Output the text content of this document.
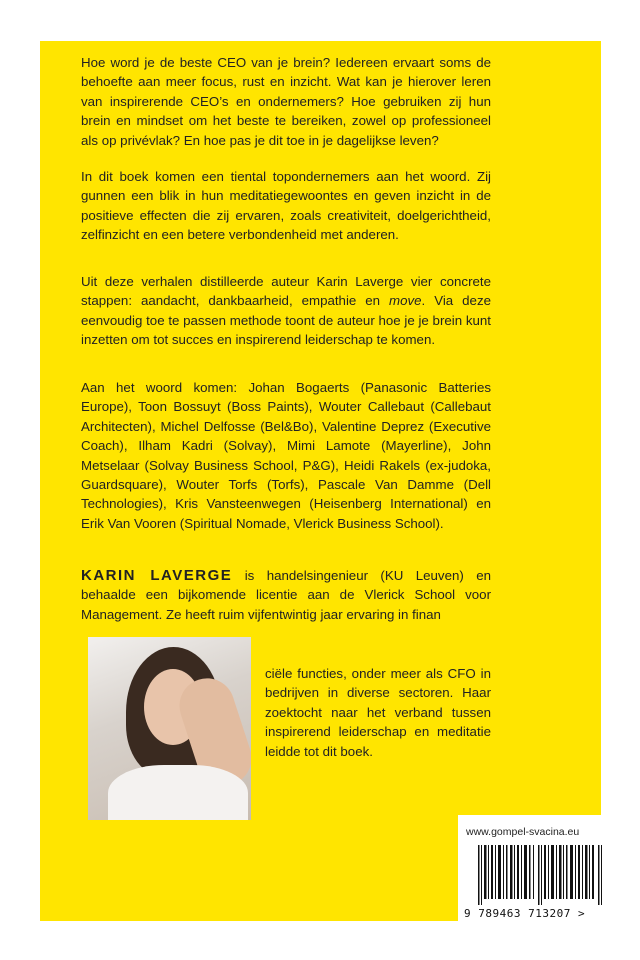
Hoe word je de beste CEO van je brein? Iedereen ervaart soms de behoefte aan meer focus, rust en inzicht. Wat kan je hierover leren van inspirerende CEO’s en ondernemers? Hoe gebruiken zij hun brein en mindset om het beste te bereiken, zowel op professioneel als op privévlak? En hoe pas je dit toe in je dagelijkse leven?

In dit boek komen een tiental topondernemers aan het woord. Zij gunnen een blik in hun meditatiegewoontes en geven inzicht in de positieve effecten die zij ervaren, zoals creativiteit, doelgerichtheid, zelfinzicht en een betere verbondenheid met anderen.

Uit deze verhalen distilleerde auteur Karin Laverge vier concrete stappen: aandacht, dankbaarheid, empathie en move. Via deze eenvoudig toe te passen methode toont de auteur hoe je je brein kunt inzetten om tot succes en inspirerend leiderschap te komen.

Aan het woord komen: Johan Bogaerts (Panasonic Batteries Europe), Toon Bossuyt (Boss Paints), Wouter Callebaut (Callebaut Architecten), Michel Delfosse (Bel&Bo), Valentine Deprez (Executive Coach), Ilham Kadri (Solvay), Mimi Lamote (Mayerline), John Metselaar (Solvay Business School, P&G), Heidi Rakels (ex-judoka, Guardsquare), Wouter Torfs (Torfs), Pascale Van Damme (Dell Technologies), Kris Vansteenwegen (Heisenberg International) en Erik Van Vooren (Spiritual Nomade, Vlerick Business School).

KARIN LAVERGE is handelsingenieur (KU Leuven) en behaalde een bijkomende licentie aan de Vlerick School voor Management. Ze heeft ruim vijfentwintig jaar ervaring in finan
ciële functies, onder meer als CFO in bedrijven in diverse sectoren. Haar zoektocht naar het verband tussen inspirerend leiderschap en meditatie leidde tot dit boek.
www.gompel-svacina.eu
9 789463 713207 >
